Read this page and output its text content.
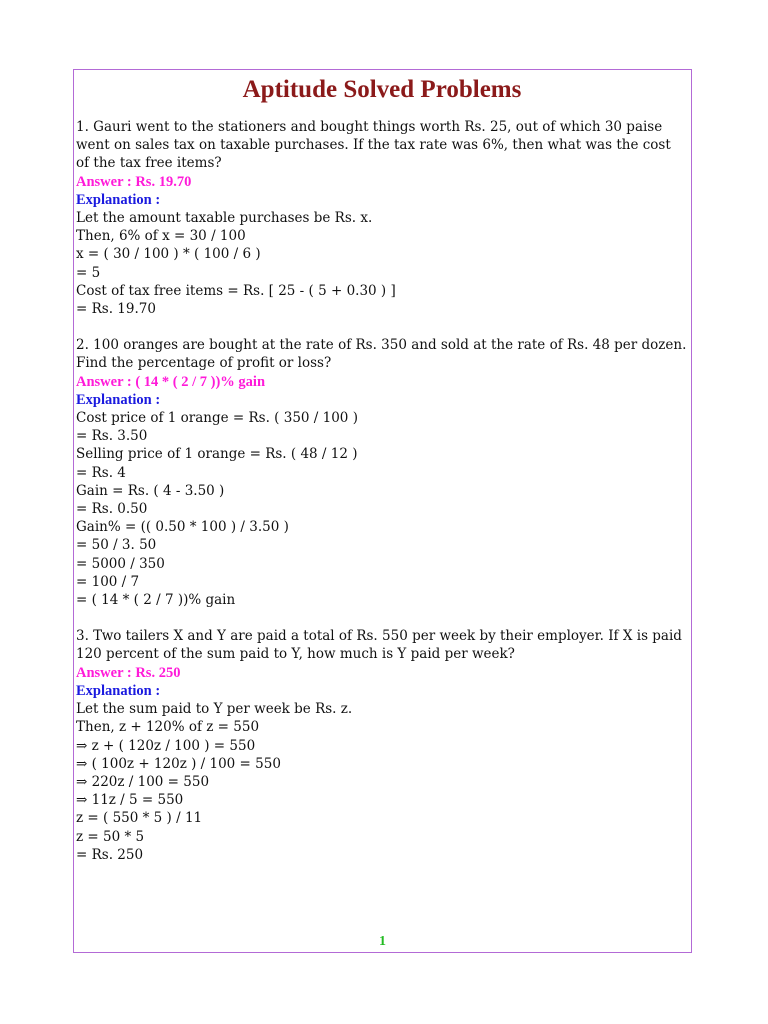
Aptitude Solved Problems
1. Gauri went to the stationers and bought things worth Rs. 25, out of which 30 paise went on sales tax on taxable purchases. If the tax rate was 6%, then what was the cost of the tax free items?
Answer : Rs. 19.70
Explanation :
Let the amount taxable purchases be Rs. x.
Then, 6% of x = 30 / 100
x = ( 30 / 100 ) * ( 100 / 6 )
= 5
Cost of tax free items = Rs. [ 25 - ( 5 + 0.30 ) ]
= Rs. 19.70
2. 100 oranges are bought at the rate of Rs. 350 and sold at the rate of Rs. 48 per dozen. Find the percentage of profit or loss?
Answer : ( 14 * ( 2 / 7 ))% gain
Explanation :
Cost price of 1 orange = Rs. ( 350 / 100 )
= Rs. 3.50
Selling price of 1 orange = Rs. ( 48 / 12 )
= Rs. 4
Gain = Rs. ( 4 - 3.50 )
= Rs. 0.50
Gain% = (( 0.50 * 100 ) / 3.50 )
= 50 / 3. 50
= 5000 / 350
= 100 / 7
= ( 14 * ( 2 / 7 ))% gain
3. Two tailers X and Y are paid a total of Rs. 550 per week by their employer. If X is paid 120 percent of the sum paid to Y, how much is Y paid per week?
Answer : Rs. 250
Explanation :
Let the sum paid to Y per week be Rs. z.
Then, z + 120% of z = 550
⇒ z + ( 120z / 100 ) = 550
⇒ ( 100z + 120z ) / 100 = 550
⇒ 220z / 100 = 550
⇒ 11z / 5 = 550
z = ( 550 * 5 ) / 11
z = 50 * 5
= Rs. 250
1
